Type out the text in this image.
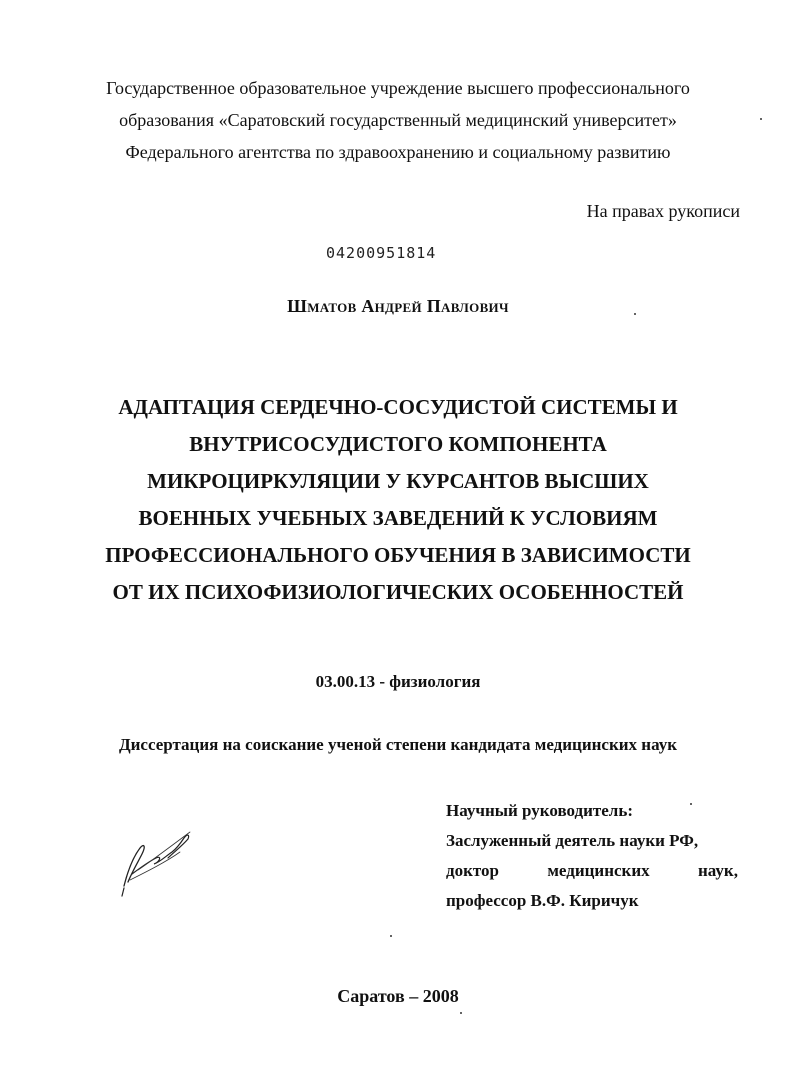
Государственное образовательное учреждение высшего профессионального
образования «Саратовский государственный медицинский университет»
Федерального агентства по здравоохранению и социальному развитию
На правах рукописи
04200951814
Шматов Андрей Павлович
АДАПТАЦИЯ СЕРДЕЧНО-СОСУДИСТОЙ СИСТЕМЫ И
ВНУТРИСОСУДИСТОГО КОМПОНЕНТА
МИКРОЦИРКУЛЯЦИИ У КУРСАНТОВ ВЫСШИХ
ВОЕННЫХ УЧЕБНЫХ ЗАВЕДЕНИЙ К УСЛОВИЯМ
ПРОФЕССИОНАЛЬНОГО ОБУЧЕНИЯ В ЗАВИСИМОСТИ
ОТ ИХ ПСИХОФИЗИОЛОГИЧЕСКИХ ОСОБЕННОСТЕЙ
03.00.13 - физиология
Диссертация на соискание ученой степени кандидата медицинских наук
Научный руководитель:
Заслуженный деятель науки РФ,
доктор	медицинских	наук,
профессор В.Ф. Киричук
Саратов – 2008
